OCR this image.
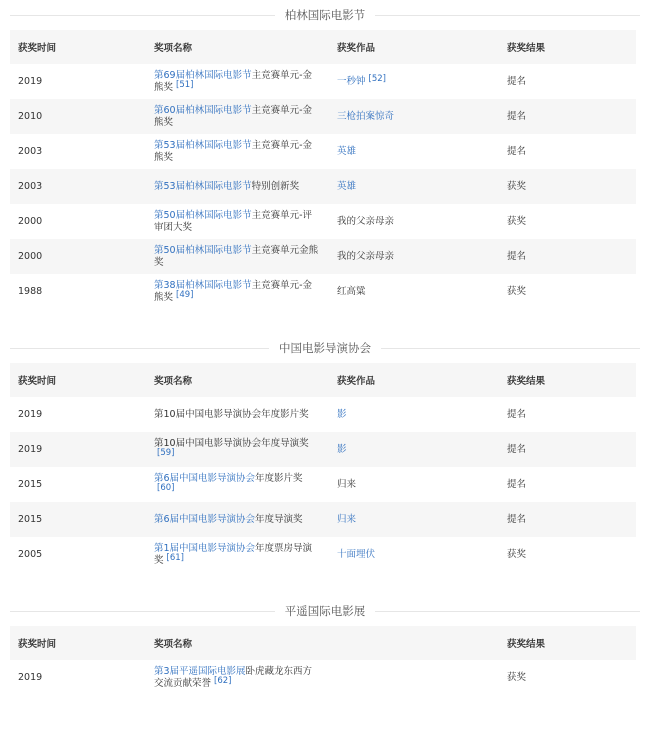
柏林国际电影节
获奖时间	奖项名称	获奖作品	获奖结果
2019	第69届柏林国际电影节主竞赛单元-金熊奖 [51]	一秒钟 [52]	提名
2010	第60届柏林国际电影节主竞赛单元-金熊奖	三枪拍案惊奇	提名
2003	第53届柏林国际电影节主竞赛单元-金熊奖	英雄	提名
2003	第53届柏林国际电影节特别创新奖	英雄	获奖
2000	第50届柏林国际电影节主竞赛单元-评审团大奖	我的父亲母亲	获奖
2000	第50届柏林国际电影节主竞赛单元金熊奖	我的父亲母亲	提名
1988	第38届柏林国际电影节主竞赛单元-金熊奖 [49]	红高粱	获奖
中国电影导演协会
获奖时间	奖项名称	获奖作品	获奖结果
2019	第10届中国电影导演协会年度影片奖	影	提名
2019	第10届中国电影导演协会年度导演奖[59]	影	提名
2015	第6届中国电影导演协会年度影片奖[60]	归来	提名
2015	第6届中国电影导演协会年度导演奖	归来	提名
2005	第1届中国电影导演协会年度票房导演奖 [61]	十面埋伏	获奖
平遥国际电影展
获奖时间	奖项名称		获奖结果
2019	第3届平遥国际电影展卧虎藏龙东西方交流贡献荣誉 [62]		获奖
